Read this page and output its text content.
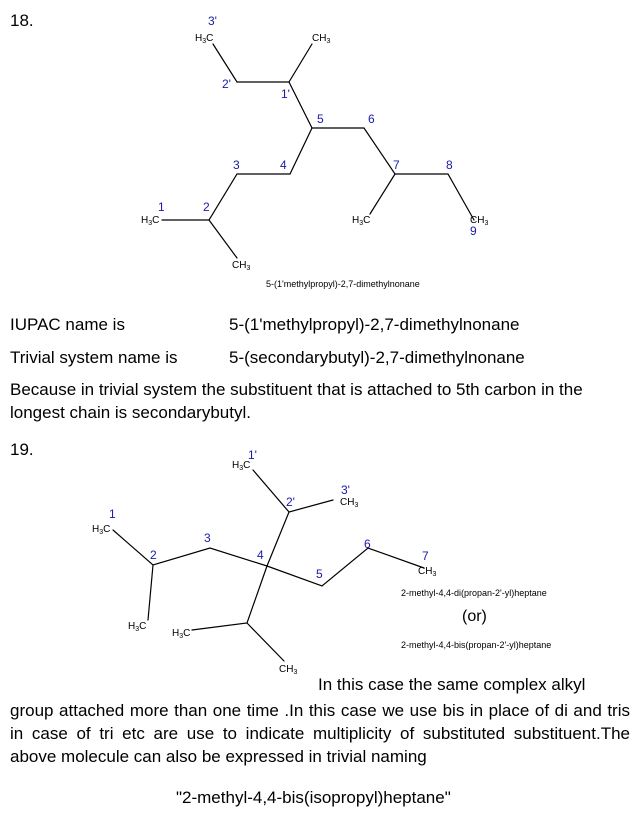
18.
$H_3C$	$CH_3$
$H_3C$
$CH_3$
$H_3C$	$CH_3$
3'
2'
1'
1	2
3	4
5	6
7	8
9
5-(1'methylpropyl)-2,7-dimethylnonane
IUPAC name is	5-(1'methylpropyl)-2,7-dimethylnonane
Trivial system name is	5-(secondarybutyl)-2,7-dimethylnonane
Because in trivial system the substituent that is attached to 5th carbon in the longest chain is secondarybutyl.
19.
$H_3C$
$CH_3$
$H_3C$
$CH_3$
$H_3C$
$H_3C$
$CH_3$
1'
2'
3'
1
2
3
4
5
6
7
2-methyl-4,4-di(propan-2'-yl)heptane
(or)
2-methyl-4,4-bis(propan-2'-yl)heptane
In this case the same complex alkyl
group attached more than one time .In this case we use bis in place of di and tris in case of tri etc are use to indicate multiplicity of substituted substituent.The above molecule can also be expressed in trivial naming
"2-methyl-4,4-bis(isopropyl)heptane"
